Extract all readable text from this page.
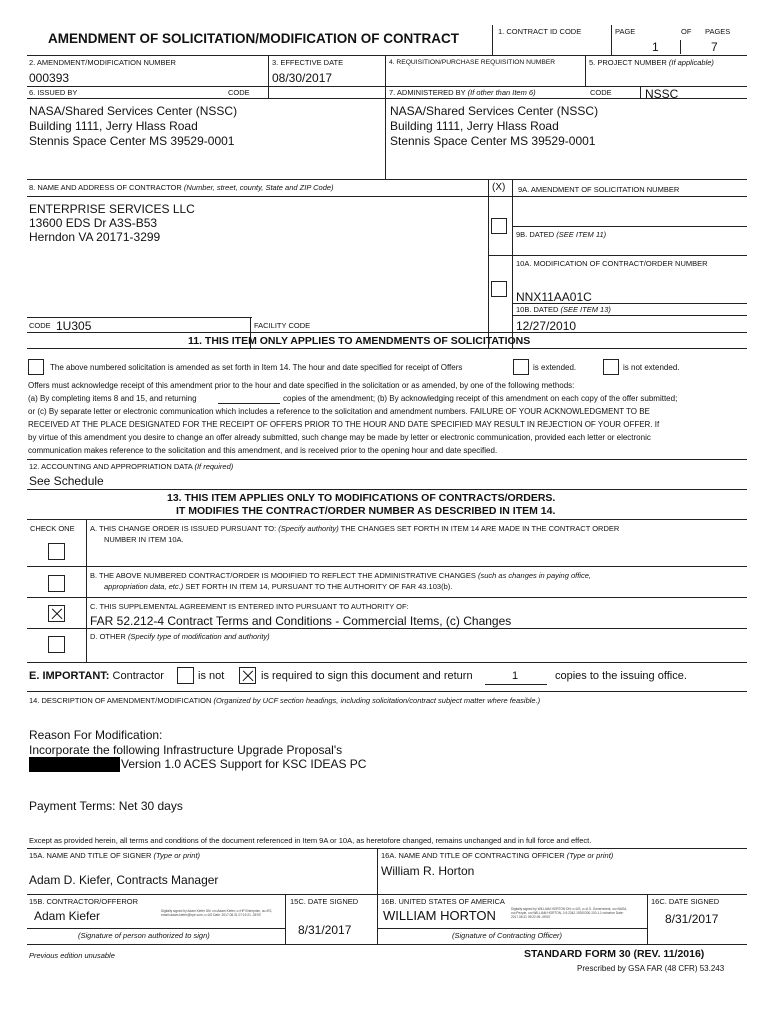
AMENDMENT OF SOLICITATION/MODIFICATION OF CONTRACT	1. CONTRACT ID CODE	PAGE	OF PAGES
1	7
2. AMENDMENT/MODIFICATION NUMBER
000393
3. EFFECTIVE DATE
08/30/2017
4. REQUISITION/PURCHASE REQUISITION NUMBER	5. PROJECT NUMBER (If applicable)
6. ISSUED BY	CODE	7. ADMINISTERED BY (If other than Item 6)	CODE	NSSC
NASA/Shared Services Center (NSSC)
Building 1111, Jerry Hlass Road
Stennis Space Center MS 39529-0001
NASA/Shared Services Center (NSSC)
Building 1111, Jerry Hlass Road
Stennis Space Center MS 39529-0001
8. NAME AND ADDRESS OF CONTRACTOR (Number, street, county, State and ZIP Code)	(X) 9A. AMENDMENT OF SOLICITATION NUMBER
ENTERPRISE SERVICES LLC
13600 EDS Dr A3S-B53
Herndon VA 20171-3299	9B. DATED (SEE ITEM 11)
10A. MODIFICATION OF CONTRACT/ORDER NUMBER
NNX11AA01C
10B. DATED (SEE ITEM 13)
12/27/2010
CODE 1U305	FACILITY CODE
11. THIS ITEM ONLY APPLIES TO AMENDMENTS OF SOLICITATIONS
The above numbered solicitation is amended as set forth in Item 14. The hour and date specified for receipt of Offers	is extended.	is not extended.
Offers must acknowledge receipt of this amendment prior to the hour and date specified in the solicitation or as amended, by one of the following methods:
(a) By completing items 8 and 15, and returning	copies of the amendment; (b) By acknowledging receipt of this amendment on each copy of the offer submitted;
or (c) By separate letter or electronic communication which includes a reference to the solicitation and amendment numbers. FAILURE OF YOUR ACKNOWLEDGMENT TO BE
RECEIVED AT THE PLACE DESIGNATED FOR THE RECEIPT OF OFFERS PRIOR TO THE HOUR AND DATE SPECIFIED MAY RESULT IN REJECTION OF YOUR OFFER. If
by virtue of this amendment you desire to change an offer already submitted, such change may be made by letter or electronic communication, provided each letter or electronic
communication makes reference to the solicitation and this amendment, and is received prior to the opening hour and date specified.
12. ACCOUNTING AND APPROPRIATION DATA (If required)
See Schedule
13. THIS ITEM APPLIES ONLY TO MODIFICATIONS OF CONTRACTS/ORDERS.
IT MODIFIES THE CONTRACT/ORDER NUMBER AS DESCRIBED IN ITEM 14.
CHECK ONE A. THIS CHANGE ORDER IS ISSUED PURSUANT TO: (Specify authority) THE CHANGES SET FORTH IN ITEM 14 ARE MADE IN THE CONTRACT ORDER
NUMBER IN ITEM 10A.
B. THE ABOVE NUMBERED CONTRACT/ORDER IS MODIFIED TO REFLECT THE ADMINISTRATIVE CHANGES (such as changes in paying office,
appropriation data, etc.) SET FORTH IN ITEM 14, PURSUANT TO THE AUTHORITY OF FAR 43.103(b).
C. THIS SUPPLEMENTAL AGREEMENT IS ENTERED INTO PURSUANT TO AUTHORITY OF:
FAR 52.212-4 Contract Terms and Conditions - Commercial Items, (c) Changes
D. OTHER (Specify type of modification and authority)
E. IMPORTANT: Contractor	is not	is required to sign this document and return	1	copies to the issuing office.
14. DESCRIPTION OF AMENDMENT/MODIFICATION (Organized by UCF section headings, including solicitation/contract subject matter where feasible.)
Reason For Modification:
Incorporate the following Infrastructure Upgrade Proposal's
Version 1.0 ACES Support for KSC IDEAS PC
Payment Terms: Net 30 days
Except as provided herein, all terms and conditions of the document referenced in Item 9A or 10A, as heretofore changed, remains unchanged and in full force and effect.
15A. NAME AND TITLE OF SIGNER (Type or print)
Adam D. Kiefer, Contracts Manager
16A. NAME AND TITLE OF CONTRACTING OFFICER (Type or print)
William R. Horton
15B. CONTRACTOR/OFFEROR
Adam Kiefer	Digitally signed by Adam Kiefer DN: cn=Adam Kiefer, o=HP Enterprise, ou=ES, email=adam.kiefer@hpe.com, c=US Date: 2017.08.31 07:19:21 -05'00'
(Signature of person authorized to sign)
15C. DATE SIGNED
8/31/2017
16B. UNITED STATES OF AMERICA
WILLIAM HORTON	Digitally signed by WILLIAM HORTON DN: c=US, o=U.S. Government, ou=NASA, ou=People, cn=WILLIAM HORTON, 0.9.2342.19200300.100.1.1=whorton Date: 2017.08.31 09:22:05 -05'00'
(Signature of Contracting Officer)
16C. DATE SIGNED
8/31/2017
Previous edition unusable	STANDARD FORM 30 (REV. 11/2016)
Prescribed by GSA FAR (48 CFR) 53.243
